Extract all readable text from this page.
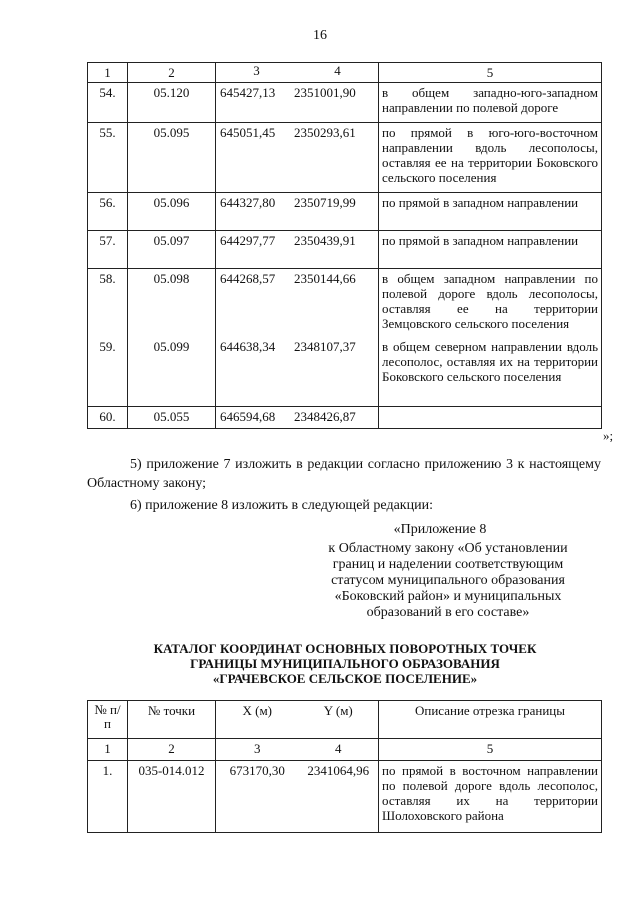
16
1	2	3 4	5
54.	05.120	645427,13 2351001,90	в общем западно-юго-западном направлении по полевой дороге
55.	05.095	645051,45 2350293,61	по прямой в юго-юго-восточном направлении вдоль лесополосы, оставляя ее на территории Боковского сельского поселения
56.	05.096	644327,80 2350719,99	по прямой в западном направлении
57.	05.097	644297,77 2350439,91	по прямой в западном направлении
58.	05.098	644268,57 2350144,66	в общем западном направлении по полевой дороге вдоль лесополосы, оставляя ее на территории Земцовского сельского поселения
59.	05.099	644638,34 2348107,37	в общем северном направлении вдоль лесополос, оставляя их на территории Боковского сельского поселения
60.	05.055	646594,68 2348426,87	
»;
5) приложение 7 изложить в редакции согласно приложению 3 к настоящему Областному закону;
6) приложение 8 изложить в следующей редакции:
«Приложение 8
к Областному закону «Об установлении границ и наделении соответствующим статусом муниципального образования «Боковский район» и муниципальных образований в его составе»
КАТАЛОГ КООРДИНАТ ОСНОВНЫХ ПОВОРОТНЫХ ТОЧЕК
ГРАНИЦЫ МУНИЦИПАЛЬНОГО ОБРАЗОВАНИЯ
«ГРАЧЕВСКОЕ СЕЛЬСКОЕ ПОСЕЛЕНИЕ»
№ п/п	№ точки	X (м)	Y (м)	Описание отрезка границы
1	2	3	4	5
1.	035-014.012	673170,30	2341064,96	по прямой в восточном направлении по полевой дороге вдоль лесополос, оставляя их на территории Шолоховского района
